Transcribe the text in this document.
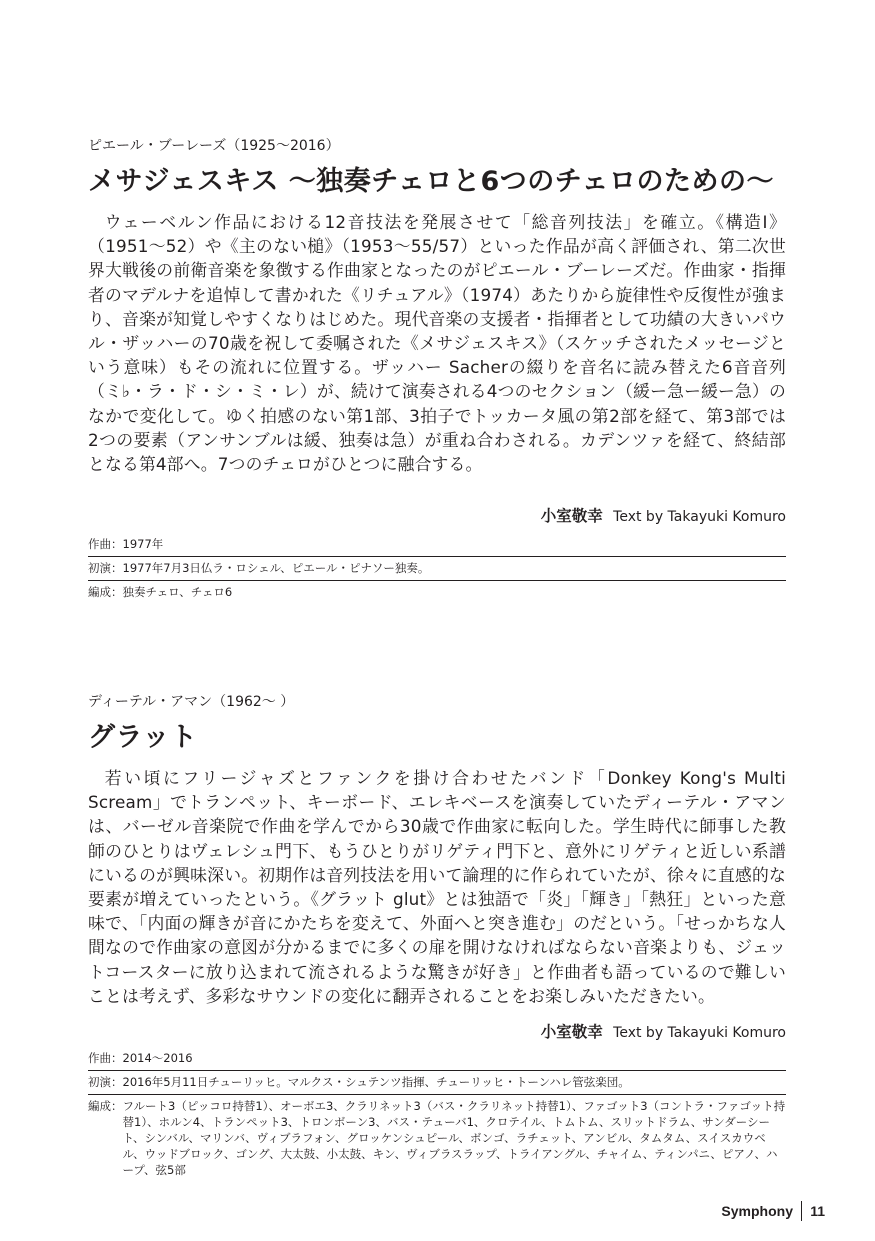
ピエール・ブーレーズ（1925〜2016）

メサジェスキス 〜独奏チェロと6つのチェロのための〜

ウェーベルン作品における12音技法を発展させて「総音列技法」を確立。《構造Ⅰ》（1951〜52）や《主のない槌》（1953〜55/57）といった作品が高く評価され、第二次世界大戦後の前衛音楽を象徴する作曲家となったのがピエール・ブーレーズだ。作曲家・指揮者のマデルナを追悼して書かれた《リチュアル》（1974）あたりから旋律性や反復性が強まり、音楽が知覚しやすくなりはじめた。現代音楽の支援者・指揮者として功績の大きいパウル・ザッハーの70歳を祝して委嘱された《メサジェスキス》（スケッチされたメッセージという意味）もその流れに位置する。ザッハー Sacherの綴りを音名に読み替えた6音音列（ミ♭・ラ・ド・シ・ミ・レ）が、続けて演奏される4つのセクション（緩ー急ー緩ー急）のなかで変化して。ゆく拍感のない第1部、3拍子でトッカータ風の第2部を経て、第3部では2つの要素（アンサンブルは緩、独奏は急）が重ね合わされる。カデンツァを経て、終結部となる第4部へ。7つのチェロがひとつに融合する。

小室敬幸 Text by Takayuki Komuro
作曲： 1977年
初演： 1977年7月3日仏ラ・ロシェル、ピエール・ピナソー独奏。
編成： 独奏チェロ、チェロ6

ディーテル・アマン（1962〜 ）

グラット

若い頃にフリージャズとファンクを掛け合わせたバンド「Donkey Kong's Multi Scream」でトランペット、キーボード、エレキベースを演奏していたディーテル・アマンは、バーゼル音楽院で作曲を学んでから30歳で作曲家に転向した。学生時代に師事した教師のひとりはヴェレシュ門下、もうひとりがリゲティ門下と、意外にリゲティと近しい系譜にいるのが興味深い。初期作は音列技法を用いて論理的に作られていたが、徐々に直感的な要素が増えていったという。《グラット glut》とは独語で「炎」「輝き」「熱狂」といった意味で、「内面の輝きが音にかたちを変えて、外面へと突き進む」のだという。「せっかちな人間なので作曲家の意図が分かるまでに多くの扉を開けなければならない音楽よりも、ジェットコースターに放り込まれて流されるような驚きが好き」と作曲者も語っているので難しいことは考えず、多彩なサウンドの変化に翻弄されることをお楽しみいただきたい。

小室敬幸 Text by Takayuki Komuro
作曲： 2014〜2016
初演： 2016年5月11日チューリッヒ。マルクス・シュテンツ指揮、チューリッヒ・トーンハレ管弦楽団。
編成： フルート3（ピッコロ持替1）、オーボエ3、クラリネット3（バス・クラリネット持替1）、ファゴット3（コントラ・ファゴット持替1）、ホルン4、トランペット3、トロンボーン3、バス・テューバ1、クロテイル、トムトム、スリットドラム、サンダーシート、シンバル、マリンバ、ヴィブラフォン、グロッケンシュピール、ボンゴ、ラチェット、アンビル、タムタム、スイスカウベル、ウッドブロック、ゴング、大太鼓、小太鼓、キン、ヴィブラスラップ、トライアングル、チャイム、ティンパニ、ピアノ、ハープ、弦5部
Symphony 11
